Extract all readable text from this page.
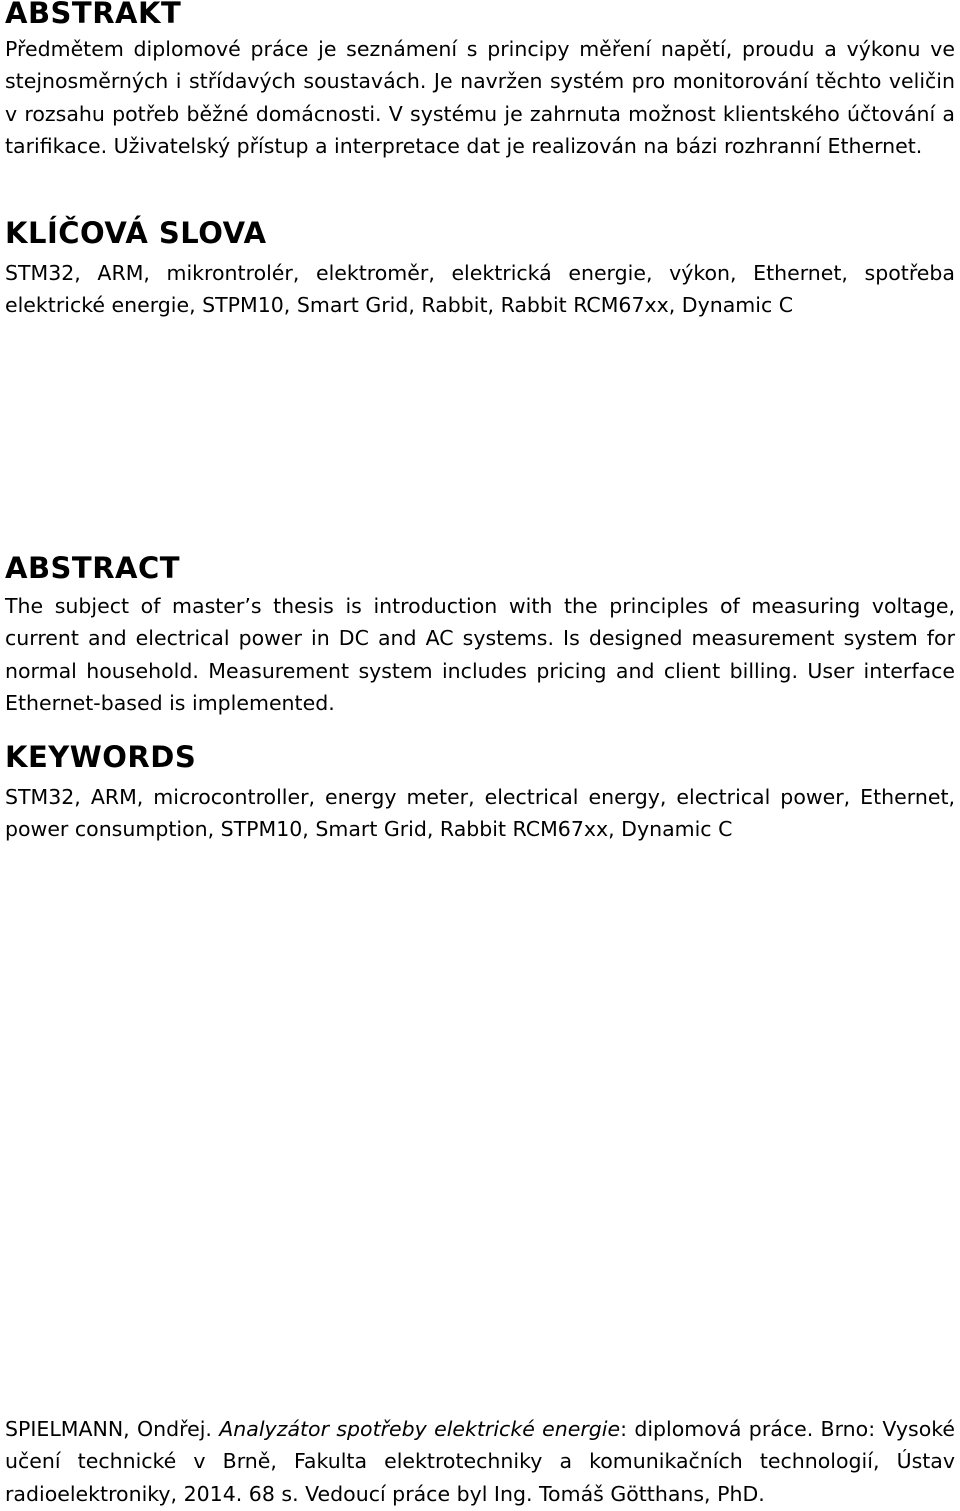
ABSTRAKT

Předmětem diplomové práce je seznámení s principy měření napětí, proudu a výkonu ve stejnosměrných i střídavých soustavách. Je navržen systém pro monitorování těchto veličin v rozsahu potřeb běžné domácnosti. V systému je zahrnuta možnost klientského účtování a tarifikace. Uživatelský přístup a interpretace dat je realizován na bázi rozhranní Ethernet.

KLÍČOVÁ SLOVA

STM32, ARM, mikrontrolér, elektroměr, elektrická energie, výkon, Ethernet, spotřeba elektrické energie, STPM10, Smart Grid, Rabbit, Rabbit RCM67xx, Dynamic C

ABSTRACT

The subject of master’s thesis is introduction with the principles of measuring voltage, current and electrical power in DC and AC systems. Is designed measurement system for normal household. Measurement system includes pricing and client billing. User interface Ethernet-based is implemented.

KEYWORDS

STM32, ARM, microcontroller, energy meter, electrical energy, electrical power, Ethernet, power consumption, STPM10, Smart Grid, Rabbit RCM67xx, Dynamic C

SPIELMANN, Ondřej. Analyzátor spotřeby elektrické energie: diplomová práce. Brno: Vysoké učení technické v Brně, Fakulta elektrotechniky a komunikačních technologií, Ústav radioelektroniky, 2014. 68 s. Vedoucí práce byl Ing. Tomáš Götthans, PhD.
